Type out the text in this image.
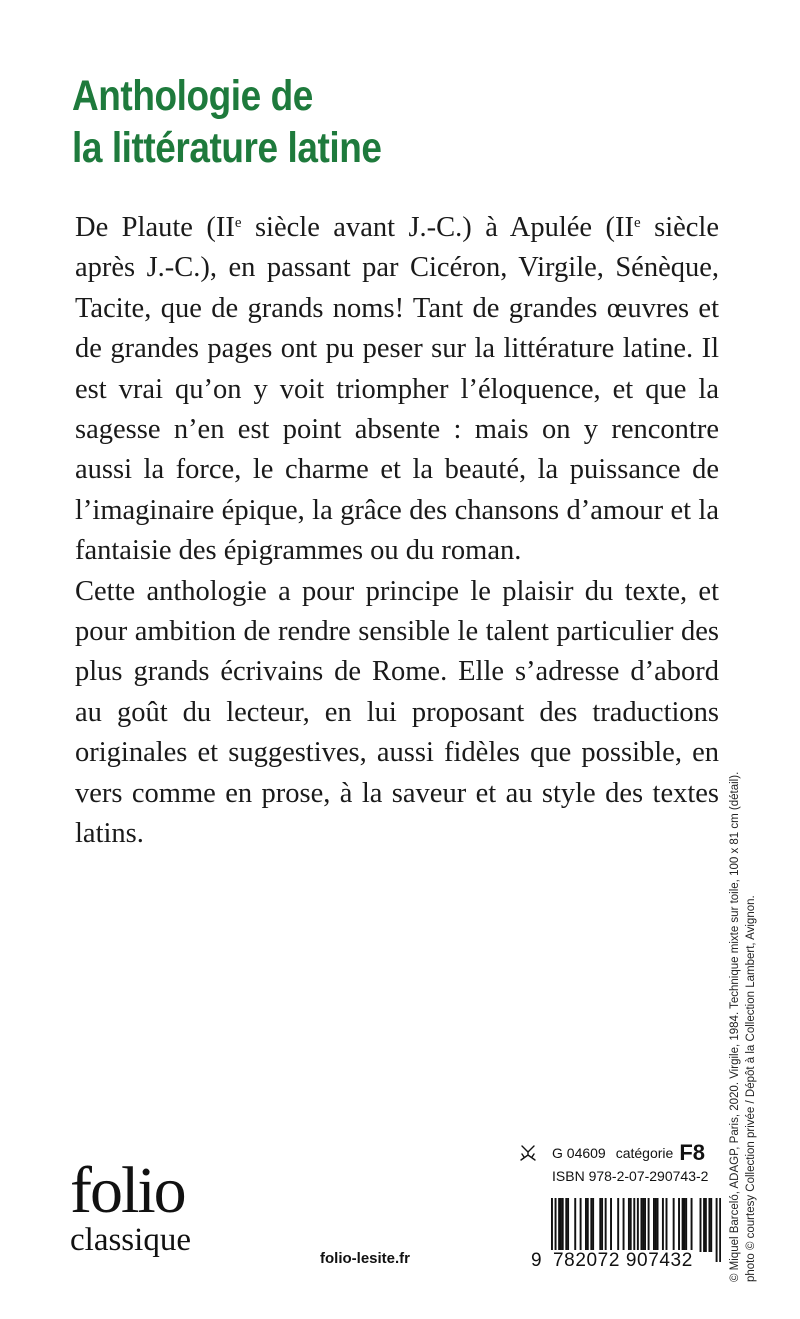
Anthologie de
la littérature latine

De Plaute (IIe siècle avant J.-C.) à Apulée (IIe siècle après J.-C.), en passant par Cicéron, Virgile, Sénèque, Tacite, que de grands noms! Tant de grandes œuvres et de grandes pages ont pu peser sur la littérature latine. Il est vrai qu’on y voit triompher l’éloquence, et que la sagesse n’en est point absente : mais on y rencontre aussi la force, le charme et la beauté, la puissance de l’imaginaire épique, la grâce des chansons d’amour et la fantaisie des épigrammes ou du roman.

Cette anthologie a pour principe le plaisir du texte, et pour ambition de rendre sensible le talent particulier des plus grands écrivains de Rome. Elle s’adresse d’abord au goût du lecteur, en lui proposant des traductions originales et suggestives, aussi fidèles que possible, en vers comme en prose, à la saveur et au style des textes latins.	© Miquel Barceló, ADAGP, Paris, 2020. Virgile, 1984. Technique mixte sur toile, 100 x 81 cm (détail). photo © courtesy Collection privée / Dépôt à la Collection Lambert, Avignon.
folio
classique
folio-lesite.fr
G 04609 catégorie F8
ISBN 978-2-07-290743-2
9 782072 907432
